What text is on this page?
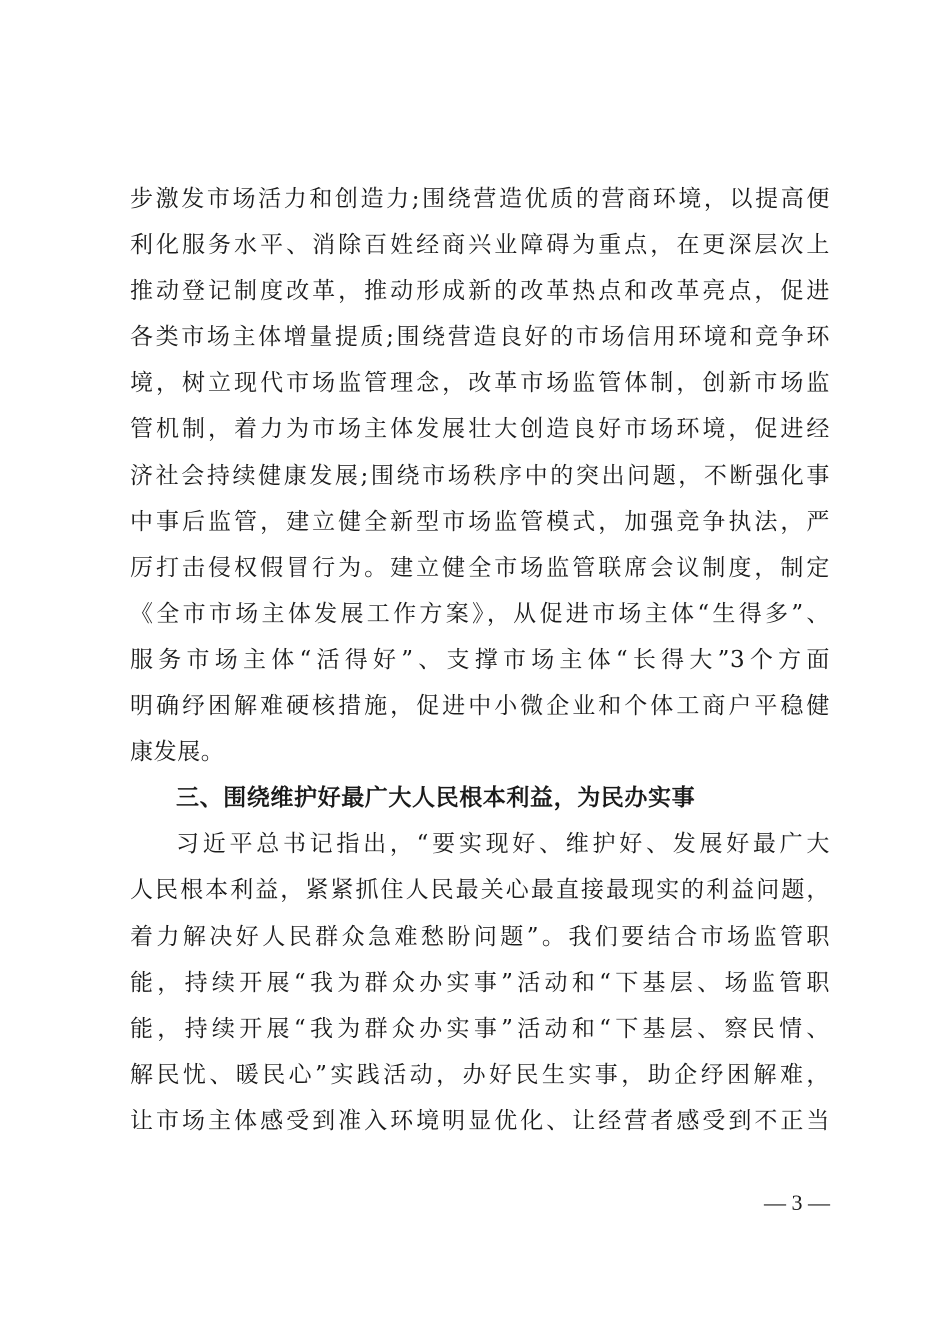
步激发市场活力和创造力;围绕营造优质的营商环境，以提高便
利化服务水平、消除百姓经商兴业障碍为重点，在更深层次上
推动登记制度改革，推动形成新的改革热点和改革亮点，促进
各类市场主体增量提质;围绕营造良好的市场信用环境和竞争环
境，树立现代市场监管理念，改革市场监管体制，创新市场监
管机制，着力为市场主体发展壮大创造良好市场环境，促进经
济社会持续健康发展;围绕市场秩序中的突出问题，不断强化事
中事后监管，建立健全新型市场监管模式，加强竞争执法，严
厉打击侵权假冒行为。建立健全市场监管联席会议制度，制定
《全市市场主体发展工作方案》，从促进市场主体“生得多”、
服务市场主体“活得好”、支撑市场主体“长得大”3个方面
明确纾困解难硬核措施，促进中小微企业和个体工商户平稳健
康发展。
三、围绕维护好最广大人民根本利益，为民办实事
习近平总书记指出，“要实现好、维护好、发展好最广大
人民根本利益，紧紧抓住人民最关心最直接最现实的利益问题，
着力解决好人民群众急难愁盼问题”。我们要结合市场监管职
能，持续开展“我为群众办实事”活动和“下基层、场监管职
能，持续开展“我为群众办实事”活动和“下基层、察民情、
解民忧、暖民心”实践活动，办好民生实事，助企纾困解难，
让市场主体感受到准入环境明显优化、让经营者感受到不正当
— 3 —
